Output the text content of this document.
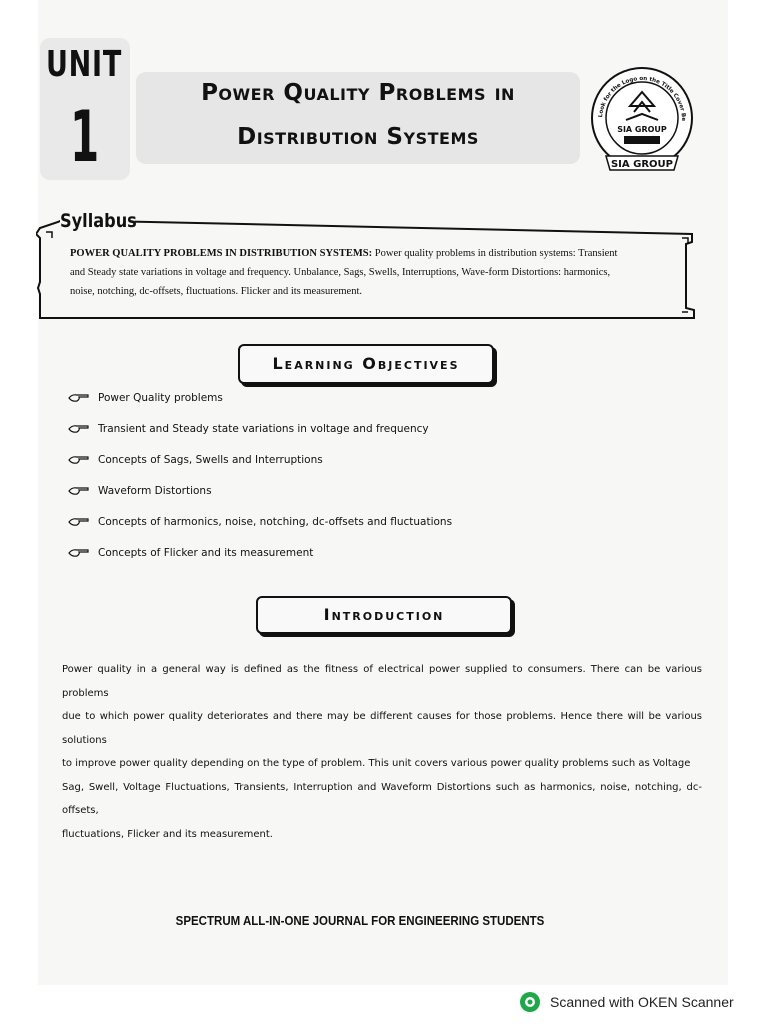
UNIT
1
Power Quality Problems in
Distribution Systems
Look for the Logo on the Title Cover Be
SIA GROUP
SIA GROUP
Syllabus
POWER QUALITY PROBLEMS IN DISTRIBUTION SYSTEMS: Power quality problems in distribution systems: Transient
and Steady state variations in voltage and frequency. Unbalance, Sags, Swells, Interruptions, Wave-form Distortions: harmonics,
noise, notching, dc-offsets, fluctuations. Flicker and its measurement.
Learning Objectives
Power Quality problems
Transient and Steady state variations in voltage and frequency
Concepts of Sags, Swells and Interruptions
Waveform Distortions
Concepts of harmonics, noise, notching, dc-offsets and fluctuations
Concepts of Flicker and its measurement
Introduction
Power quality in a general way is defined as the fitness of electrical power supplied to consumers. There can be various problems
due to which power quality deteriorates and there may be different causes for those problems. Hence there will be various solutions
to improve power quality depending on the type of problem. This unit covers various power quality problems such as Voltage
Sag, Swell, Voltage Fluctuations, Transients, Interruption and Waveform Distortions such as harmonics, noise, notching, dc-offsets,
fluctuations, Flicker and its measurement.
SPECTRUM ALL-IN-ONE JOURNAL FOR ENGINEERING STUDENTS
Scanned with OKEN Scanner
